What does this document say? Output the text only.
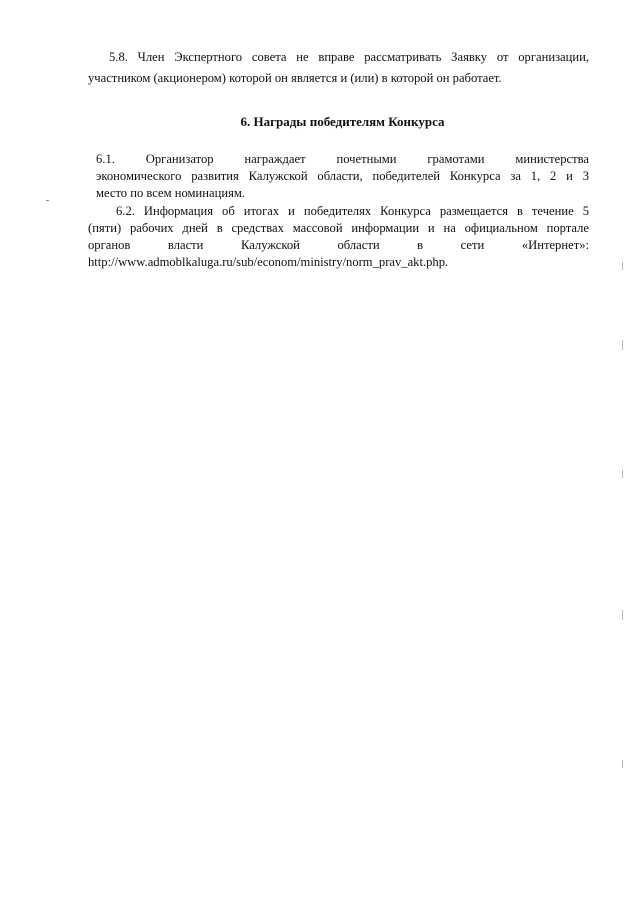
5.8. Член Экспертного совета не вправе рассматривать Заявку от организации, участником (акционером) которой он является и (или) в которой он работает.

6. Награды победителям Конкурса
6.1. Организатор награждает почетными грамотами министерства
экономического развития Калужской области, победителей Конкурса за 1, 2 и 3
место по всем номинациям.
6.2. Информация об итогах и победителях Конкурса размещается в течение 5
(пяти) рабочих дней в средствах массовой информации и на официальном портале
органов власти Калужской области в сети «Интернет»:
http://www.admoblkaluga.ru/sub/econom/ministry/norm_prav_akt.php.
